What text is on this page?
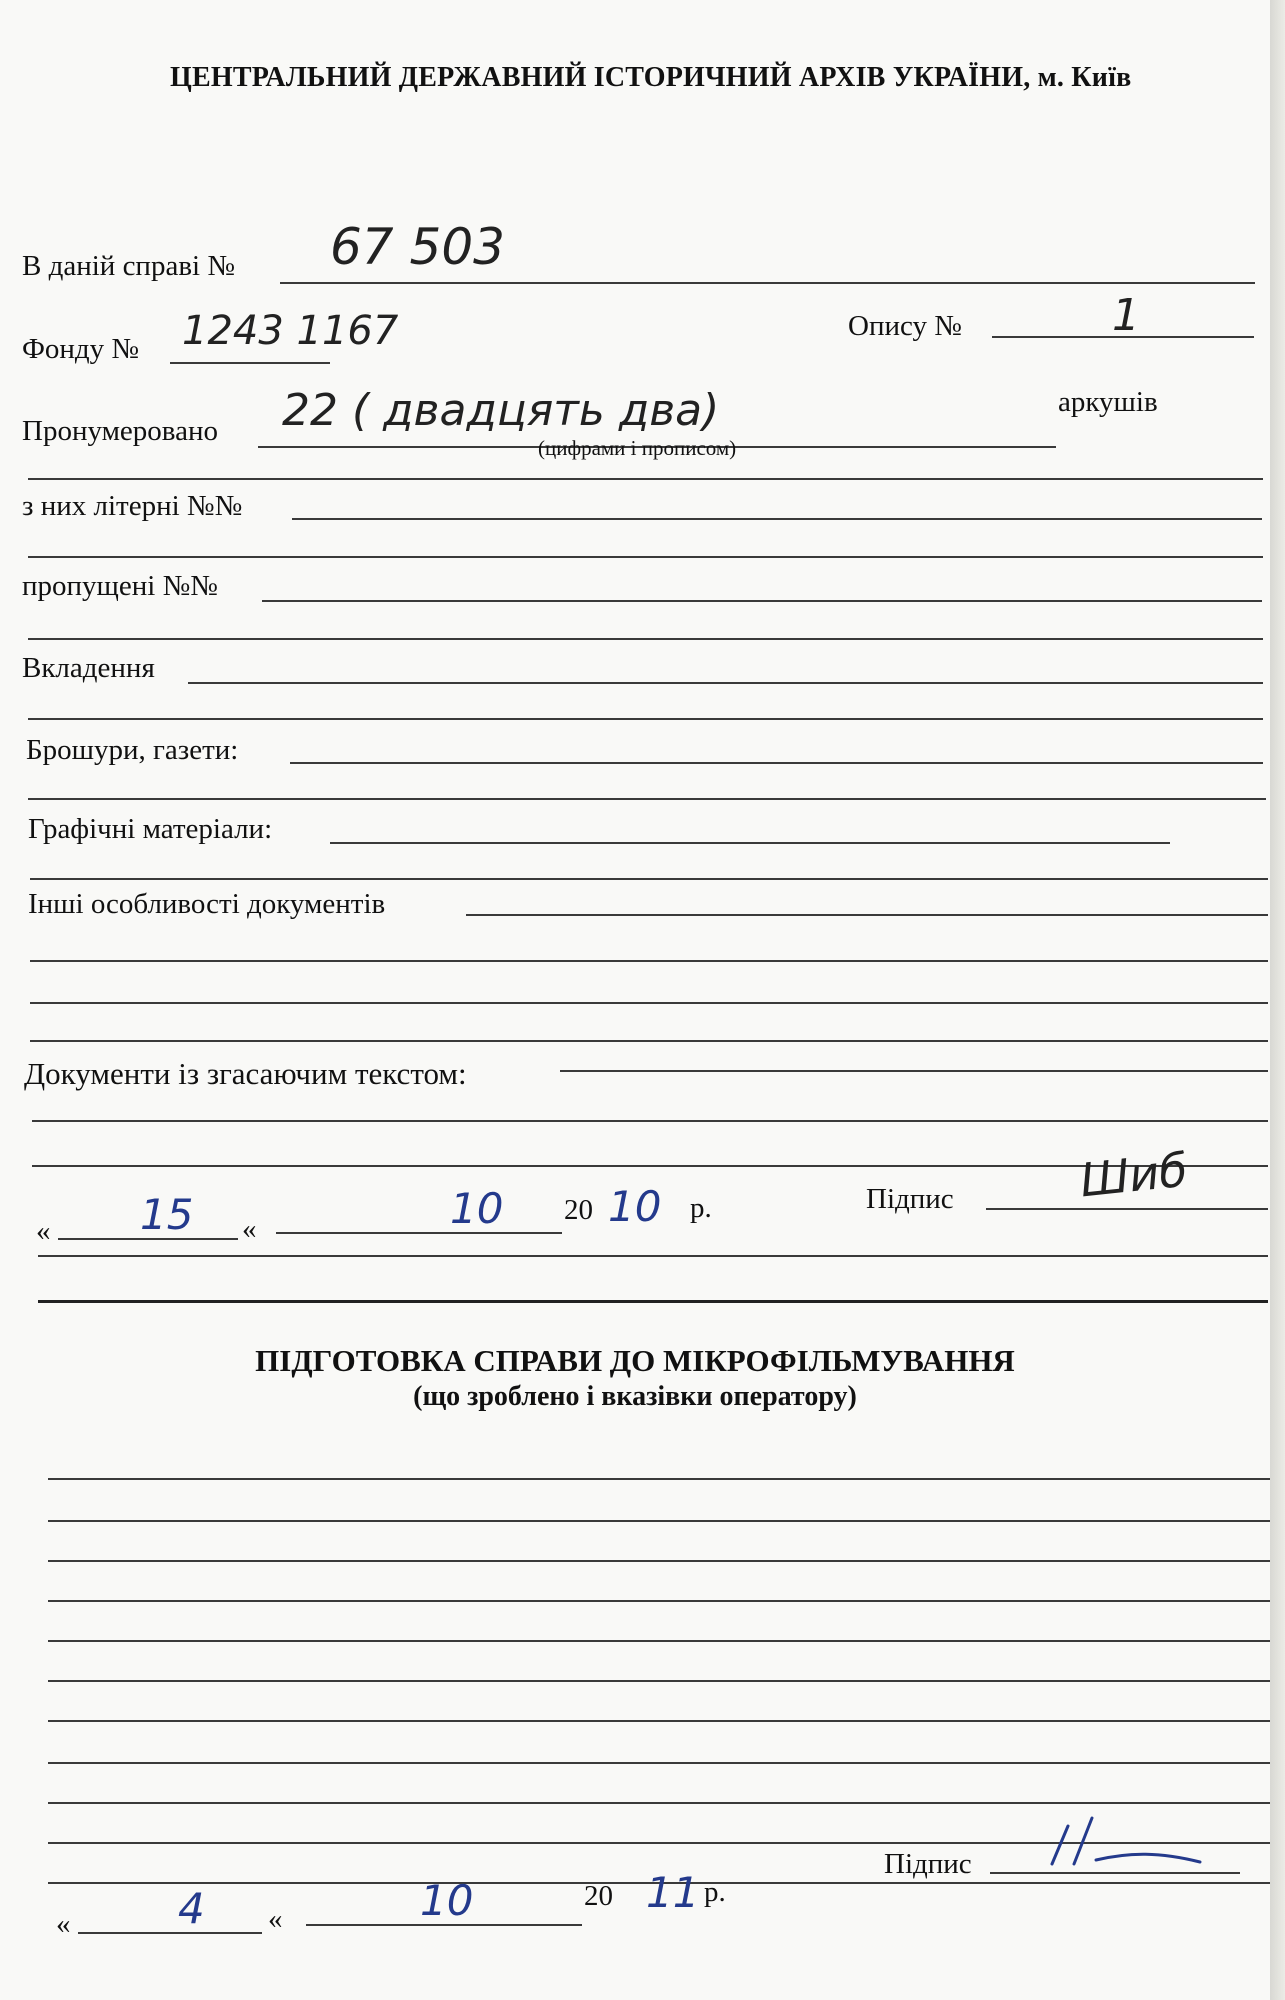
ЦЕНТРАЛЬНИЙ ДЕРЖАВНИЙ ІСТОРИЧНИЙ АРХІВ УКРАЇНИ, м. Київ
В даній справі № 67 503
Фонду № 1243 1167	Опису №	1
Пронумеровано 22 ( двадцять два)	аркушів
(цифрами і прописом)
з них літерні №№
пропущені №№
Вкладення
Брошури, газети:
Графічні матеріали:
Інші особливості документів
Документи із згасаючим текстом:
« 15 «	10 20 10 р.	Підпис	Шиб
ПІДГОТОВКА СПРАВИ ДО МІКРОФІЛЬМУВАННЯ
(що зроблено і вказівки оператору)
«	4 «	10	20 11 р.
Підпис
